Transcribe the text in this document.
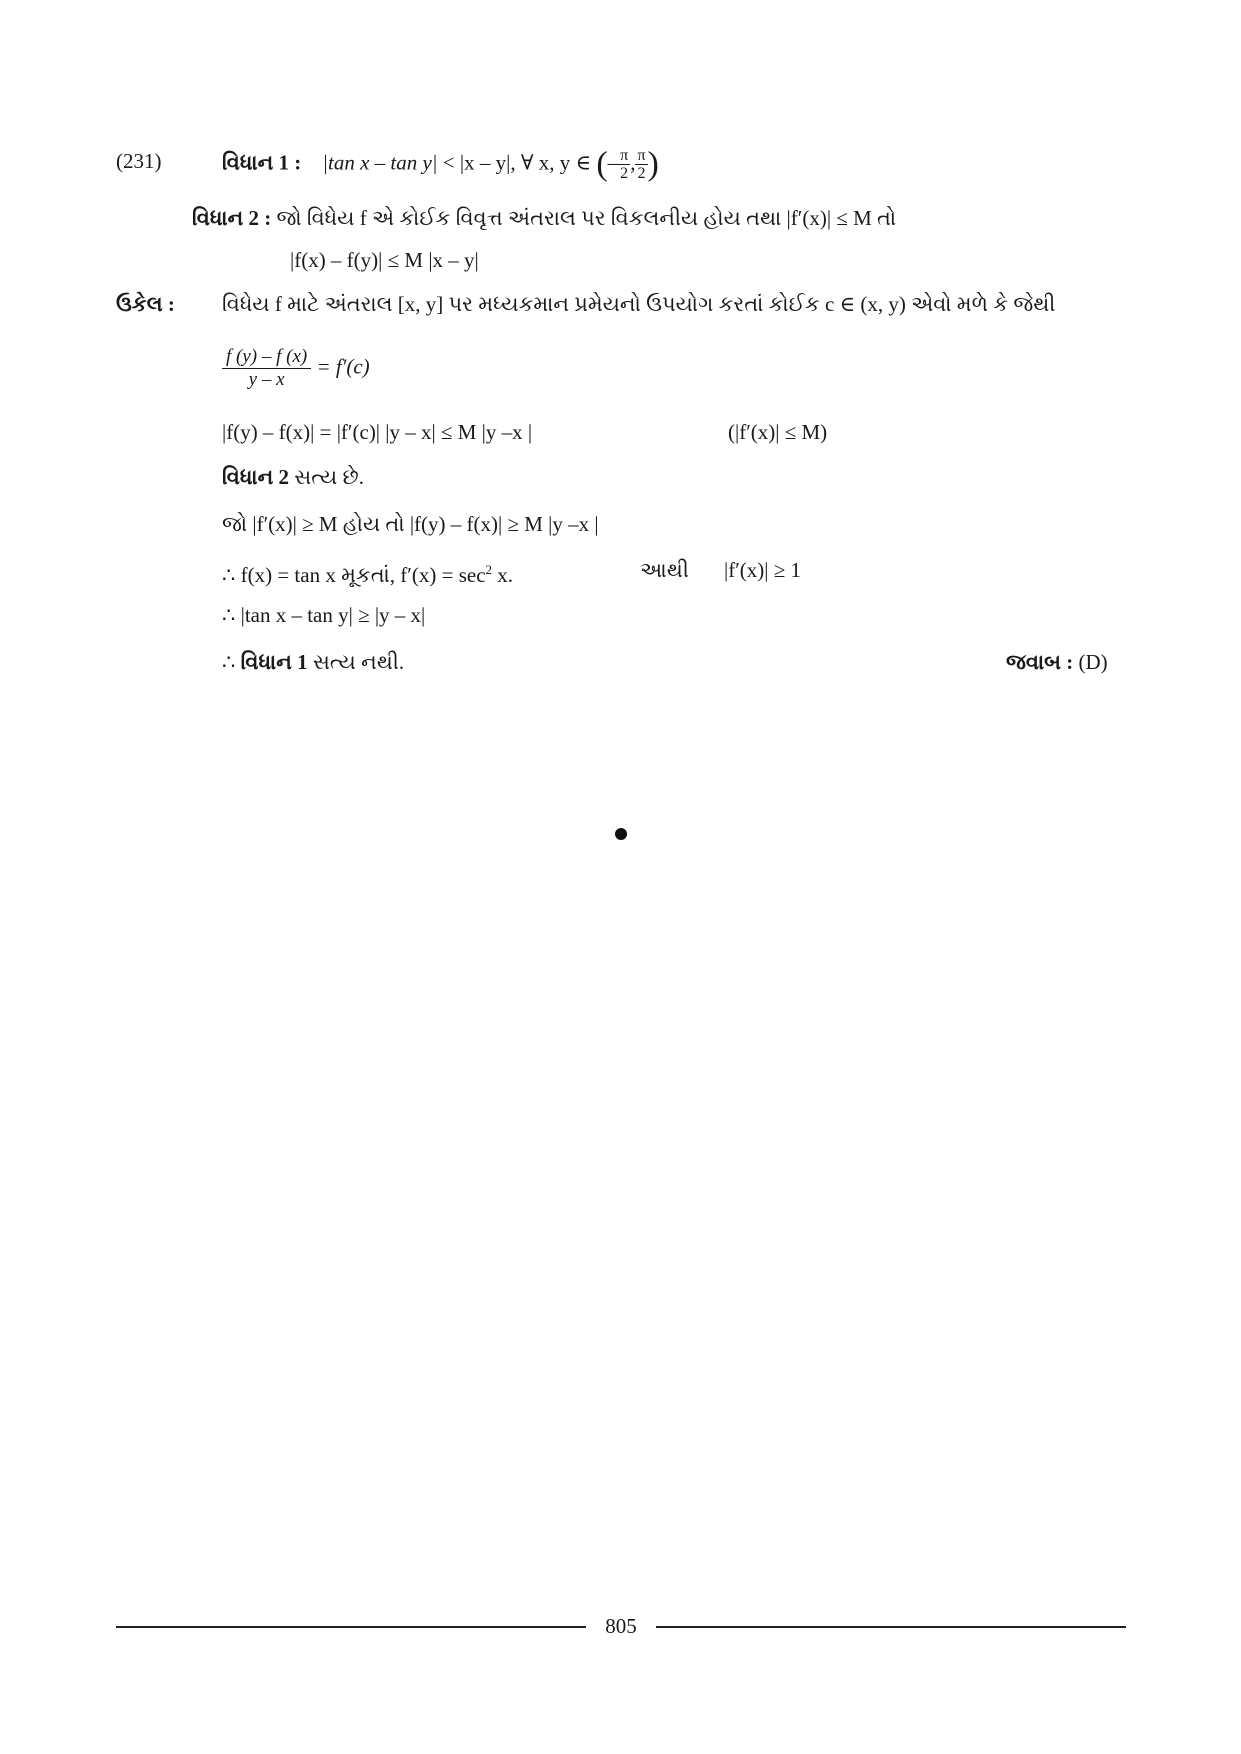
(231)	વિધાન 1 : |tan x – tan y| < |x – y|, ∀ x, y ∈ (– $\frac{\pi}{2}$ , $\frac{\pi}{2}$ )
વિધાન 2 : જો વિધેય f એ કોઈક વિવૃત્ત અંતરાલ પર વિકલનીય હોય તથા |f′(x)| ≤ M તો
|f(x) – f(y)| ≤ M |x – y|
ઉકેલ : વિધેય f માટે અંતરાલ [x, y] પર મધ્યકમાન પ્રમેયનો ઉપયોગ કરતાં કોઈક c ∈ (x, y) એવો મળે કે જેથી
$\frac{f (y) - f (x)}{y - x} = f'(c)$
|f(y) – f(x)| = |f′(c)| |y – x| ≤ M |y –x |	(|f′(x)| ≤ M)
વિધાન 2 સત્ય છે.
જો |f′(x)| ≥ M હોય તો |f(y) – f(x)| ≥ M |y –x |
∴ f(x) = tan x મૂકતાં, $f'(x) = \sec^2 x$.	આથી |f′(x)| ≥ 1
∴ |tan x – tan y| ≥ |y – x|
∴ વિધાન 1 સત્ય નથી.	જવાબ : (D)
805
